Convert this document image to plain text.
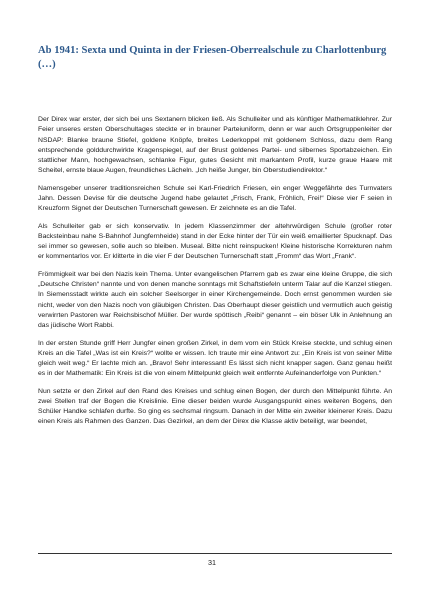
Ab 1941: Sexta und Quinta in der Friesen-Oberrealschule zu Charlottenburg (…)

Der Direx war erster, der sich bei uns Sextanern blicken ließ. Als Schulleiter und als künftiger Mathematiklehrer. Zur Feier unseres ersten Oberschultages steckte er in brauner Parteiuniform, denn er war auch Ortsgruppenleiter der NSDAP: Blanke braune Stiefel, goldene Knöpfe, breites Lederkoppel mit goldenem Schloss, dazu dem Rang entsprechende golddurchwirkte Kragenspiegel, auf der Brust goldenes Partei- und silbernes Sportabzeichen. Ein stattlicher Mann, hochgewachsen, schlanke Figur, gutes Gesicht mit markantem Profil, kurze graue Haare mit Scheitel, ernste blaue Augen, freundliches Lächeln. „Ich heiße Junger, bin Oberstudiendirektor.“

Namensgeber unserer traditionsreichen Schule sei Karl-Friedrich Friesen, ein enger Weggefährte des Turnvaters Jahn. Dessen Devise für die deutsche Jugend habe gelautet „Frisch, Frank, Fröhlich, Frei!“ Diese vier F seien in Kreuzform Signet der Deutschen Turnerschaft gewesen. Er zeichnete es an die Tafel.

Als Schulleiter gab er sich konservativ. In jedem Klassenzimmer der altehrwürdigen Schule (großer roter Backsteinbau nahe S-Bahnhof Jungfernheide) stand in der Ecke hinter der Tür ein weiß emaillierter Spucknapf. Das sei immer so gewesen, solle auch so bleiben. Museal. Bitte nicht reinspucken! Kleine historische Korrekturen nahm er kommentarlos vor. Er klitterte in die vier F der Deutschen Turnerschaft statt „Fromm“ das Wort „Frank“.

Frömmigkeit war bei den Nazis kein Thema. Unter evangelischen Pfarrern gab es zwar eine kleine Gruppe, die sich „Deutsche Christen“ nannte und von denen manche sonntags mit Schaftstiefeln unterm Talar auf die Kanzel stiegen. In Siemensstadt wirkte auch ein solcher Seelsorger in einer Kirchengemeinde. Doch ernst genommen wurden sie nicht, weder von den Nazis noch von gläubigen Christen. Das Oberhaupt dieser geistlich und vermutlich auch geistig verwirrten Pastoren war Reichsbischof Müller. Der wurde spöttisch „Reibi“ genannt – ein böser Ulk in Anlehnung an das jüdische Wort Rabbi.

In der ersten Stunde griff Herr Jungfer einen großen Zirkel, in dem vorn ein Stück Kreise steckte, und schlug einen Kreis an die Tafel „Was ist ein Kreis?“ wollte er wissen. Ich traute mir eine Antwort zu: „Ein Kreis ist von seiner Mitte gleich weit weg.“ Er lachte mich an. „Bravo! Sehr interessant! Es lässt sich nicht knapper sagen. Ganz genau heißt es in der Mathematik: Ein Kreis ist die von einem Mittelpunkt gleich weit entfernte Aufeinanderfolge von Punkten.“

Nun setzte er den Zirkel auf den Rand des Kreises und schlug einen Bogen, der durch den Mittelpunkt führte. An zwei Stellen traf der Bogen die Kreislinie. Eine dieser beiden wurde Ausgangspunkt eines weiteren Bogens, den Schüler Handke schlafen durfte. So ging es sechsmal ringsum. Danach in der Mitte ein zweiter kleinerer Kreis. Dazu einen Kreis als Rahmen des Ganzen. Das Gezirkel, an dem der Direx die Klasse aktiv beteiligt, war beendet,

31
